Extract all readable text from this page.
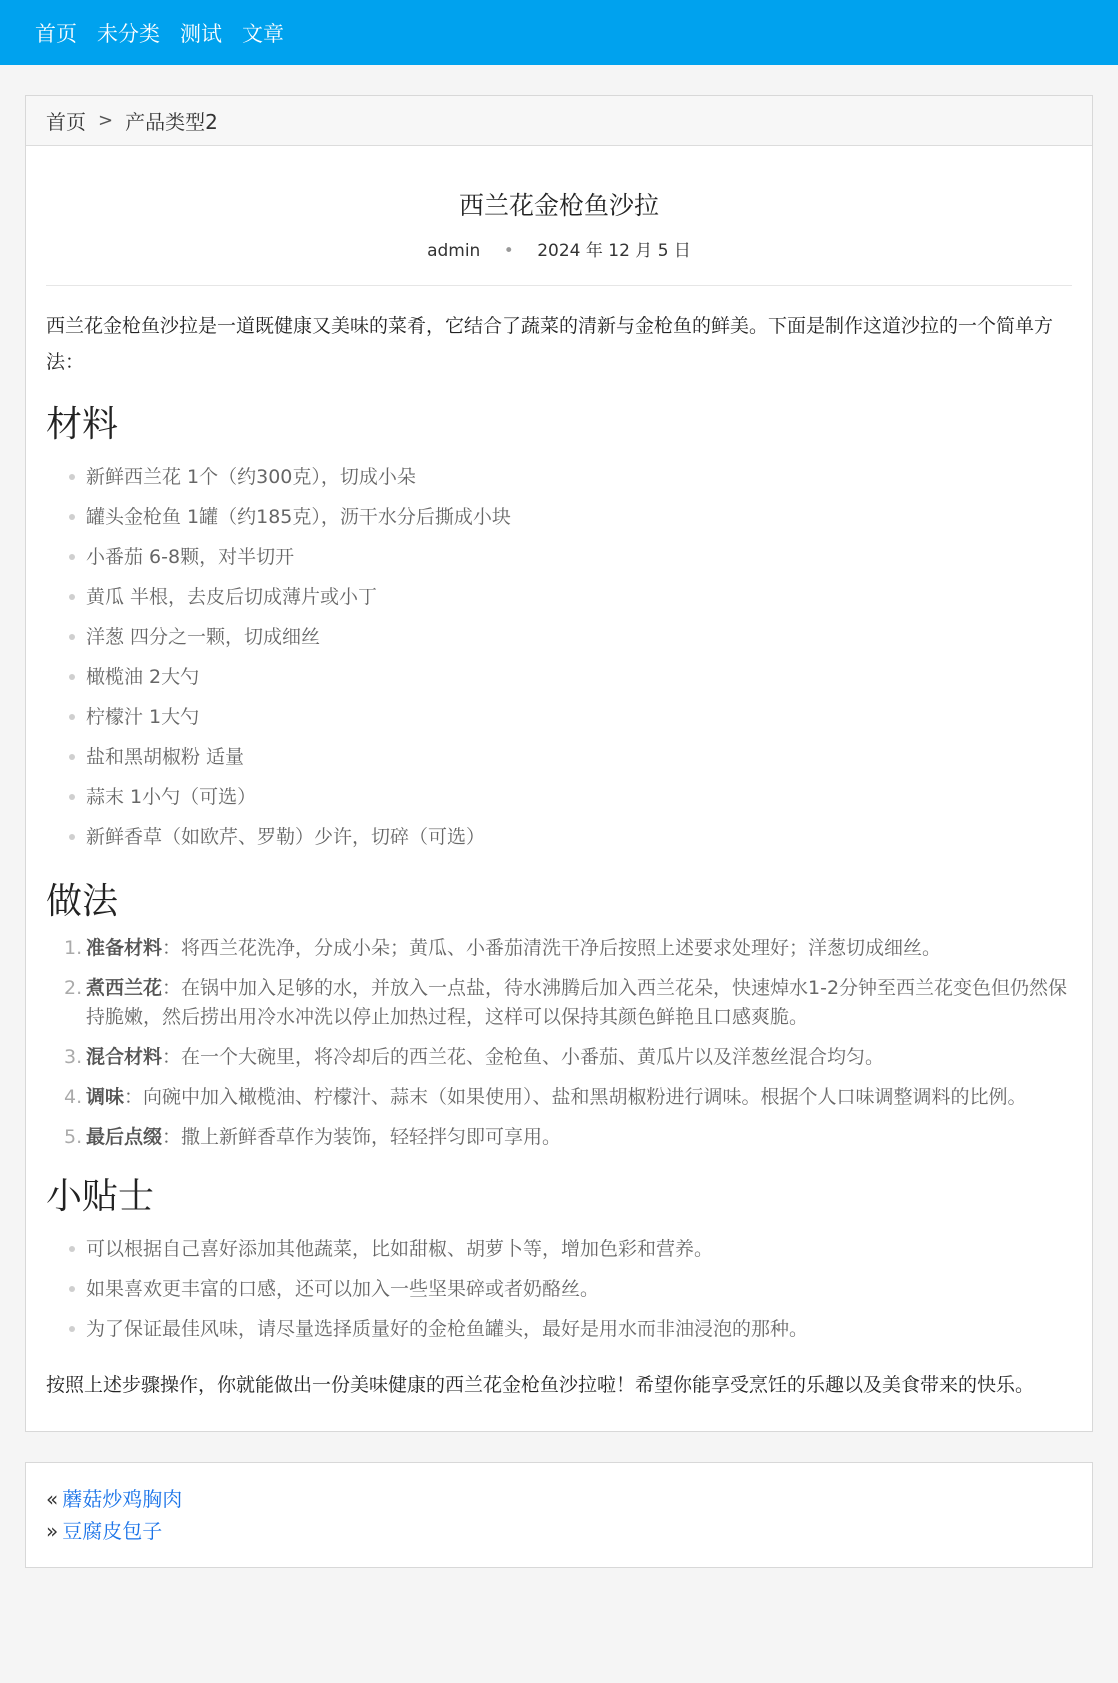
首页 未分类 测试 文章
首页 > 产品类型2
西兰花金枪鱼沙拉
admin • 2024 年 12 月 5 日

西兰花金枪鱼沙拉是一道既健康又美味的菜肴，它结合了蔬菜的清新与金枪鱼的鲜美。下面是制作这道沙拉的一个简单方法：

材料
新鲜西兰花 1个（约300克），切成小朵
罐头金枪鱼 1罐（约185克），沥干水分后撕成小块
小番茄 6-8颗，对半切开
黄瓜 半根，去皮后切成薄片或小丁
洋葱 四分之一颗，切成细丝
橄榄油 2大勺
柠檬汁 1大勺
盐和黑胡椒粉 适量
蒜末 1小勺（可选）
新鲜香草（如欧芹、罗勒）少许，切碎（可选）
做法
1. 准备材料：将西兰花洗净，分成小朵；黄瓜、小番茄清洗干净后按照上述要求处理好；洋葱切成细丝。
2. 煮西兰花：在锅中加入足够的水，并放入一点盐，待水沸腾后加入西兰花朵，快速焯水1-2分钟至西兰花变色但仍然保持脆嫩，然后捞出用冷水冲洗以停止加热过程，这样可以保持其颜色鲜艳且口感爽脆。
3. 混合材料：在一个大碗里，将冷却后的西兰花、金枪鱼、小番茄、黄瓜片以及洋葱丝混合均匀。
4. 调味：向碗中加入橄榄油、柠檬汁、蒜末（如果使用）、盐和黑胡椒粉进行调味。根据个人口味调整调料的比例。
5. 最后点缀：撒上新鲜香草作为装饰，轻轻拌匀即可享用。
小贴士
可以根据自己喜好添加其他蔬菜，比如甜椒、胡萝卜等，增加色彩和营养。
如果喜欢更丰富的口感，还可以加入一些坚果碎或者奶酪丝。
为了保证最佳风味，请尽量选择质量好的金枪鱼罐头，最好是用水而非油浸泡的那种。

按照上述步骤操作，你就能做出一份美味健康的西兰花金枪鱼沙拉啦！希望你能享受烹饪的乐趣以及美食带来的快乐。

« 蘑菇炒鸡胸肉
» 豆腐皮包子
